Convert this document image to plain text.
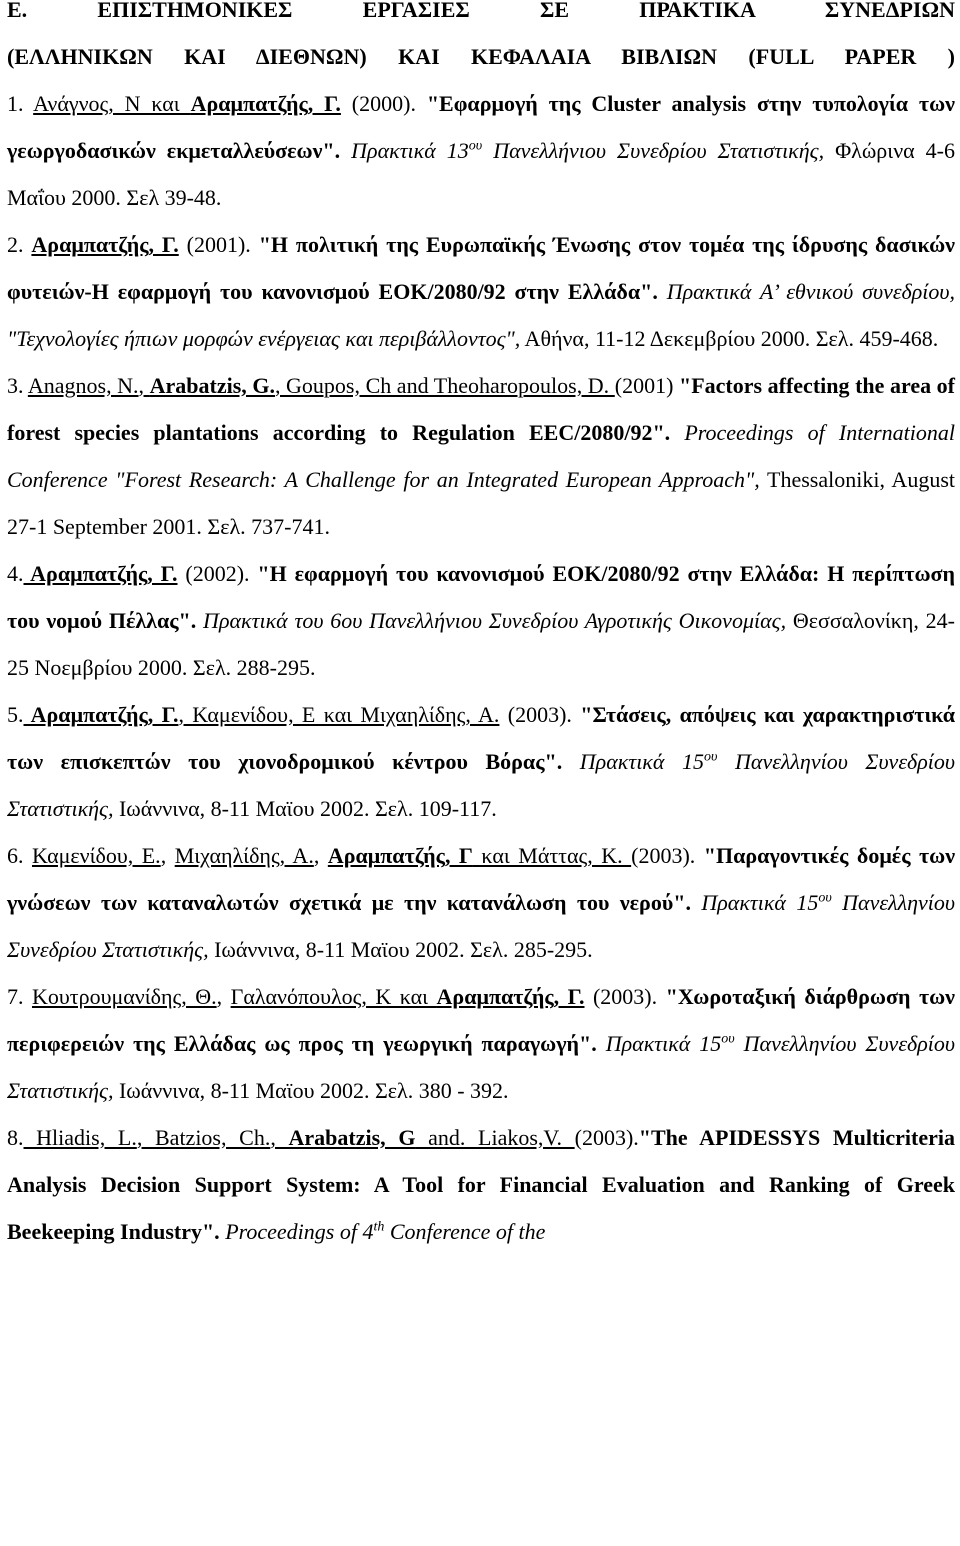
Ε. ΕΠΙΣΤΗΜΟΝΙΚΕΣ ΕΡΓΑΣΙΕΣ ΣΕ ΠΡΑΚΤΙΚΑ ΣΥΝΕΔΡΙΩΝ
(ΕΛΛΗΝΙΚΩΝ ΚΑΙ ΔΙΕΘΝΩΝ) ΚΑΙ ΚΕΦΑΛΑΙΑ ΒΙΒΛΙΩΝ (FULL PAPER )

1. Ανάγνος, Ν και Αραμπατζής, Γ. (2000). "Εφαρμογή της Cluster analysis στην τυπολογία των γεωργοδασικών εκμεταλλεύσεων". Πρακτικά $13^{o\upsilon}$ Πανελλήνιου Συνεδρίου Στατιστικής, Φλώρινα 4-6 Μαΐου 2000. Σελ 39-48.

2. Αραμπατζής, Γ. (2001). "Η πολιτική της Ευρωπαϊκής Ένωσης στον τομέα της ίδρυσης δασικών φυτειών-Η εφαρμογή του κανονισμού ΕΟΚ/2080/92 στην Ελλάδα". Πρακτικά Α’ εθνικού συνεδρίου, "Τεχνολογίες ήπιων μορφών ενέργειας και περιβάλλοντος", Αθήνα, 11-12 Δεκεμβρίου 2000. Σελ. 459-468.

3. Anagnos, N., Arabatzis, G., Goupos, Ch and Theoharopoulos, D. (2001) "Factors affecting the area of forest species plantations according to Regulation EEC/2080/92". Proceedings of International Conference "Forest Research: A Challenge for an Integrated European Approach", Thessaloniki, August 27-1 September 2001. Σελ. 737-741.

4. Αραμπατζής, Γ. (2002). "Η εφαρμογή του κανονισμού ΕΟΚ/2080/92 στην Ελλάδα: Η περίπτωση του νομού Πέλλας". Πρακτικά του 6ου Πανελλήνιου Συνεδρίου Αγροτικής Οικονομίας, Θεσσαλονίκη, 24-25 Νοεμβρίου 2000. Σελ. 288-295.

5. Αραμπατζής, Γ., Καμενίδου, Ε και Μιχαηλίδης, Α. (2003). "Στάσεις, απόψεις και χαρακτηριστικά των επισκεπτών του χιονοδρομικού κέντρου Βόρας". Πρακτικά $15^{o\upsilon}$ Πανελληνίου Συνεδρίου Στατιστικής, Ιωάννινα, 8-11 Μαϊου 2002. Σελ. 109-117.

6. Καμενίδου, Ε., Μιχαηλίδης, Α., Αραμπατζής, Γ και Μάττας, Κ. (2003). "Παραγοντικές δομές των γνώσεων των καταναλωτών σχετικά με την κατανάλωση του νερού". Πρακτικά $15^{o\upsilon}$ Πανελληνίου Συνεδρίου Στατιστικής, Ιωάννινα, 8-11 Μαϊου 2002. Σελ. 285-295.

7. Κουτρουμανίδης, Θ., Γαλανόπουλος, Κ και Αραμπατζής, Γ. (2003). "Χωροταξική διάρθρωση των περιφερειών της Ελλάδας ως προς τη γεωργική παραγωγή". Πρακτικά $15^{o\upsilon}$ Πανελληνίου Συνεδρίου Στατιστικής, Ιωάννινα, 8-11 Μαϊου 2002. Σελ. 380 - 392.

8. Hliadis, L., Batzios, Ch., Arabatzis, G and. Liakos,V. (2003)."The APIDESSYS Multicriteria Analysis Decision Support System: A Tool for Financial Evaluation and Ranking of Greek Beekeeping Industry". Proceedings of 4th Conference of the
